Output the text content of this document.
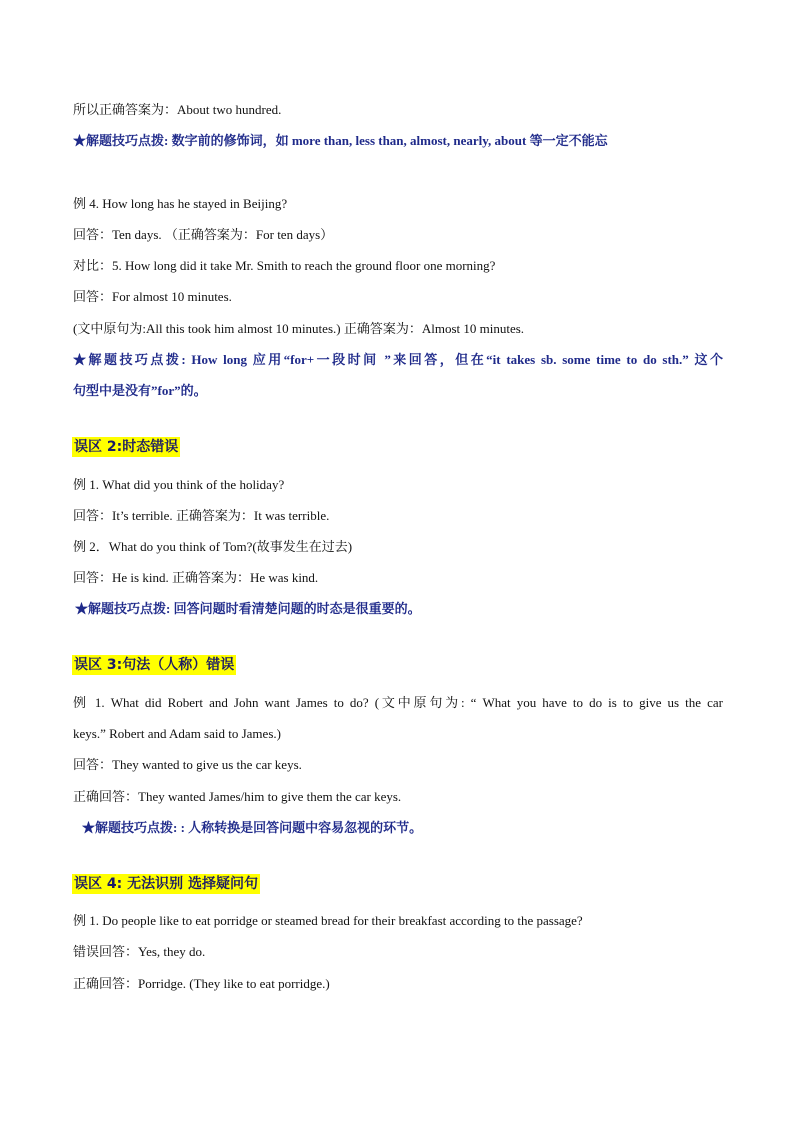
所以正确答案为：About two hundred.
★解题技巧点拨: 数字前的修饰词，如 more than, less than, almost, nearly, about 等一定不能忘
例 4. How long has he stayed in Beijing?
回答：Ten days. （正确答案为：For ten days）
对比：5. How long did it take Mr. Smith to reach the ground floor one morning?
回答：For almost 10 minutes.
(文中原句为:All this took him almost 10 minutes.) 正确答案为：Almost 10 minutes.
★解题技巧点拨: How long 应用“for+一段时间 ”来回答，但在“it takes sb. some time to do sth.” 这个
句型中是没有”for”的。
误区 2:时态错误
例 1. What did you think of the holiday?
回答：It’s terrible. 正确答案为：It was terrible.
例 2．What do you think of Tom?(故事发生在过去)
回答：He is kind. 正确答案为：He was kind.
★解题技巧点拨: 回答问题时看清楚问题的时态是很重要的。
误区 3:句法（人称）错误
例 1. What did Robert and John want James to do? (文中原句为: “ What you have to do is to give us the car
keys.” Robert and Adam said to James.)
回答：They wanted to give us the car keys.
正确回答：They wanted James/him to give them the car keys.
★解题技巧点拨: : 人称转换是回答问题中容易忽视的环节。
误区 4: 无法识别 选择疑问句
例 1. Do people like to eat porridge or steamed bread for their breakfast according to the passage?
错误回答：Yes, they do.
正确回答：Porridge. (They like to eat porridge.)
